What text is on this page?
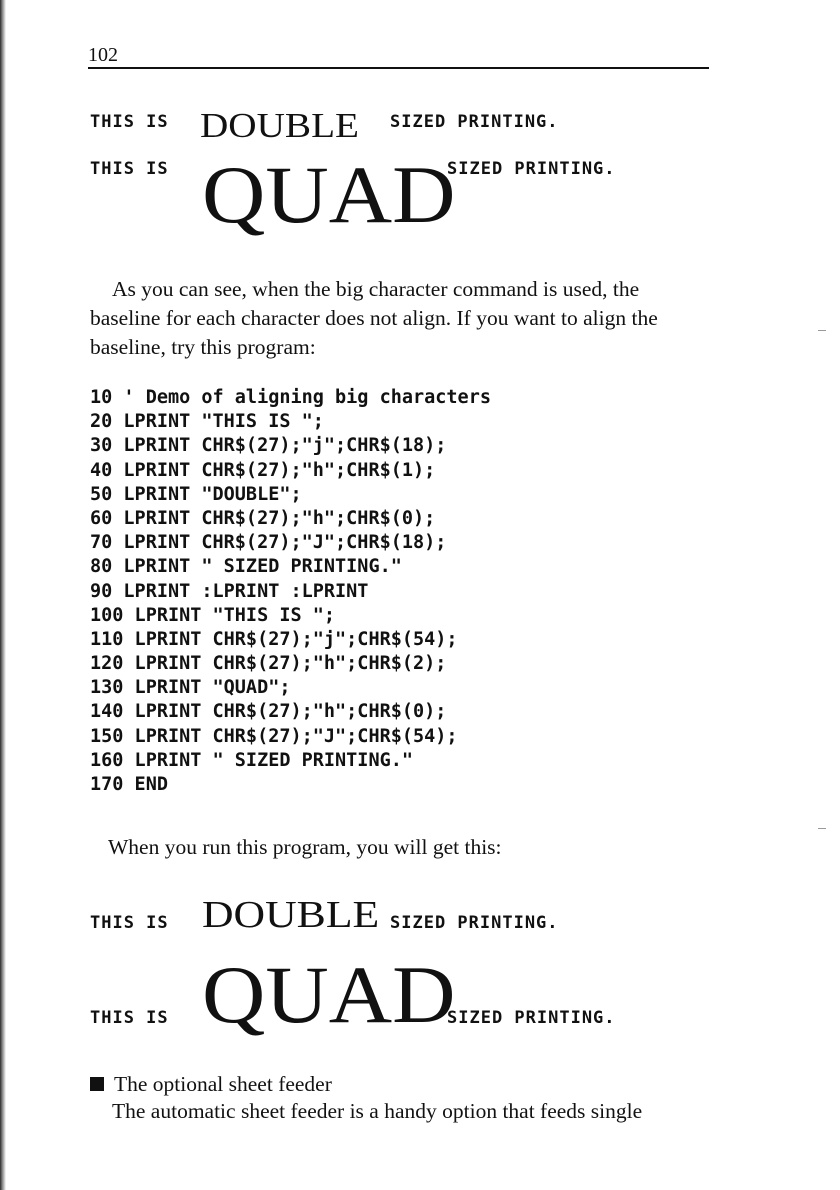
102
THIS IS DOUBLE SIZED PRINTING.
THIS IS QUAD
SIZED PRINTING.

As you can see, when the big character command is used, the baseline for each character does not align. If you want to align the baseline, try this program:

10 ' Demo of aligning big characters
20 LPRINT "THIS IS ";
30 LPRINT CHR$(27);"j";CHR$(18);
40 LPRINT CHR$(27);"h";CHR$(1);
50 LPRINT "DOUBLE";
60 LPRINT CHR$(27);"h";CHR$(0);
70 LPRINT CHR$(27);"J";CHR$(18);
80 LPRINT " SIZED PRINTING."
90 LPRINT :LPRINT :LPRINT
100 LPRINT "THIS IS ";
110 LPRINT CHR$(27);"j";CHR$(54);
120 LPRINT CHR$(27);"h";CHR$(2);
130 LPRINT "QUAD";
140 LPRINT CHR$(27);"h";CHR$(0);
150 LPRINT CHR$(27);"J";CHR$(54);
160 LPRINT " SIZED PRINTING."
170 END
When you run this program, you will get this:
THIS IS DOUBLE SIZED PRINTING.
THIS IS QUAD
SIZED PRINTING.
The optional sheet feeder
The automatic sheet feeder is a handy option that feeds single
